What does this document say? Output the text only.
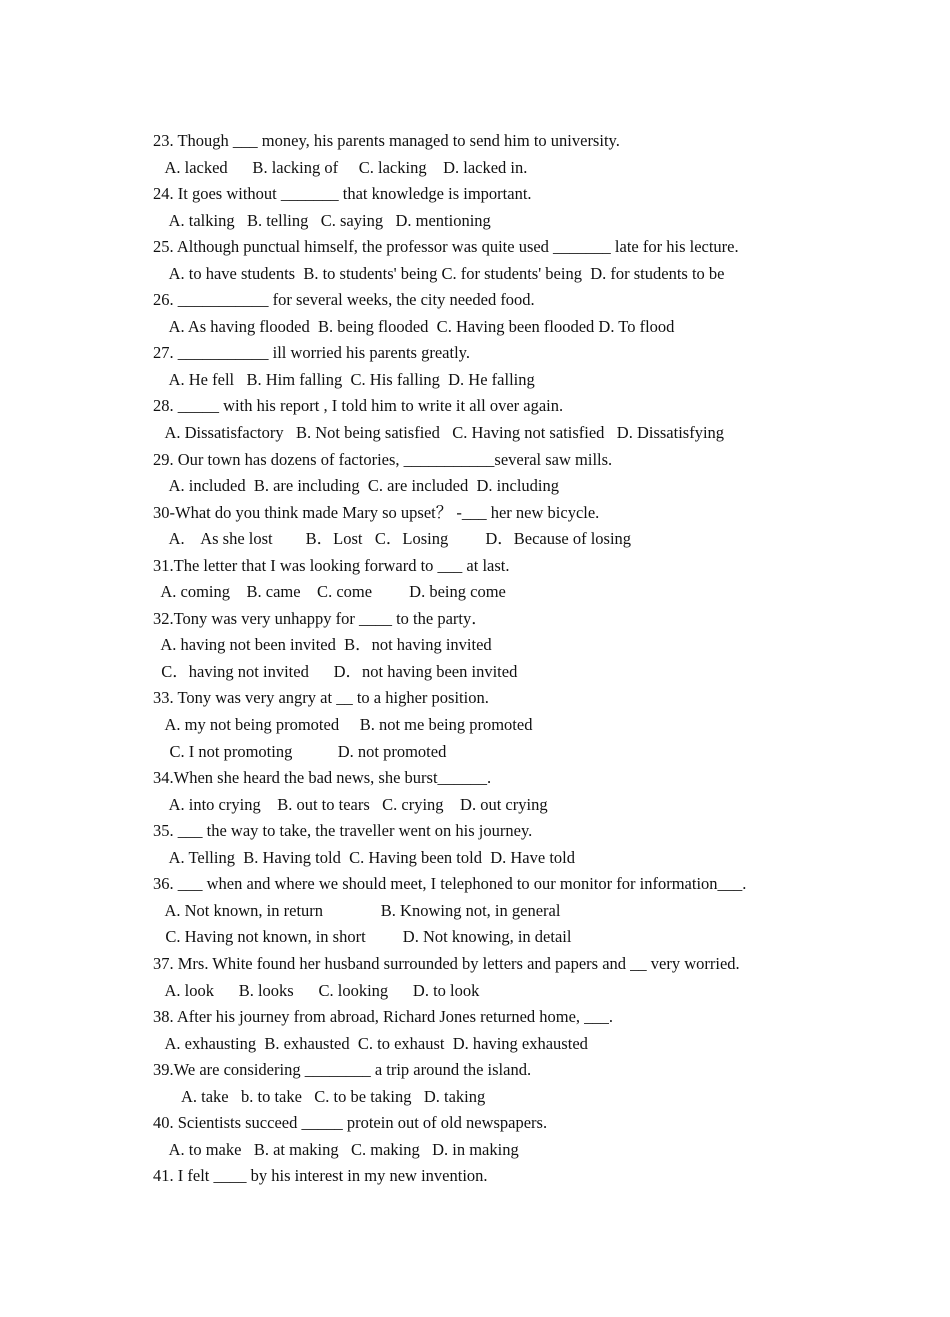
23. Though ___ money, his parents managed to send him to university.
A. lacked      B. lacking of     C. lacking    D. lacked in.
24. It goes without _______ that knowledge is important.
A. talking   B. telling   C. saying   D. mentioning
25. Although punctual himself, the professor was quite used _______ late for his lecture.
A. to have students  B. to students' being C. for students' being  D. for students to be
26. ___________ for several weeks, the city needed food.
A. As having flooded  B. being flooded  C. Having been flooded D. To flood
27. ___________ ill worried his parents greatly.
A. He fell   B. Him falling  C. His falling  D. He falling
28. _____ with his report , I told him to write it all over again.
A. Dissatisfactory   B. Not being satisfied   C. Having not satisfied   D. Dissatisfying
29. Our town has dozens of factories, ___________several saw mills.
A. included  B. are including  C. are included  D. including
30-What do you think made Mary so upset？ -___ her new bicycle.
A.    As she lost        B．Lost   C．Losing         D．Because of losing
31.The letter that I was looking forward to ___ at last.
A. coming    B. came    C. come         D. being come
32.Tony was very unhappy for ____ to the party．
A. having not been invited  B．not having invited
C．having not invited      D．not having been invited
33. Tony was very angry at __ to a higher position.
A. my not being promoted     B. not me being promoted
C. I not promoting           D. not promoted
34.When she heard the bad news, she burst______.
A. into crying    B. out to tears   C. crying    D. out crying
35. ___ the way to take, the traveller went on his journey.
A. Telling  B. Having told  C. Having been told  D. Have told
36. ___ when and where we should meet, I telephoned to our monitor for information___.
A. Not known, in return              B. Knowing not, in general
C. Having not known, in short         D. Not knowing, in detail
37. Mrs. White found her husband surrounded by letters and papers and __ very worried.
A. look      B. looks      C. looking      D. to look
38. After his journey from abroad, Richard Jones returned home, ___.
A. exhausting  B. exhausted  C. to exhaust  D. having exhausted
39.We are considering ________ a trip around the island.
A. take   b. to take   C. to be taking   D. taking
40. Scientists succeed _____ protein out of old newspapers.
A. to make   B. at making   C. making   D. in making
41. I felt ____ by his interest in my new invention.
